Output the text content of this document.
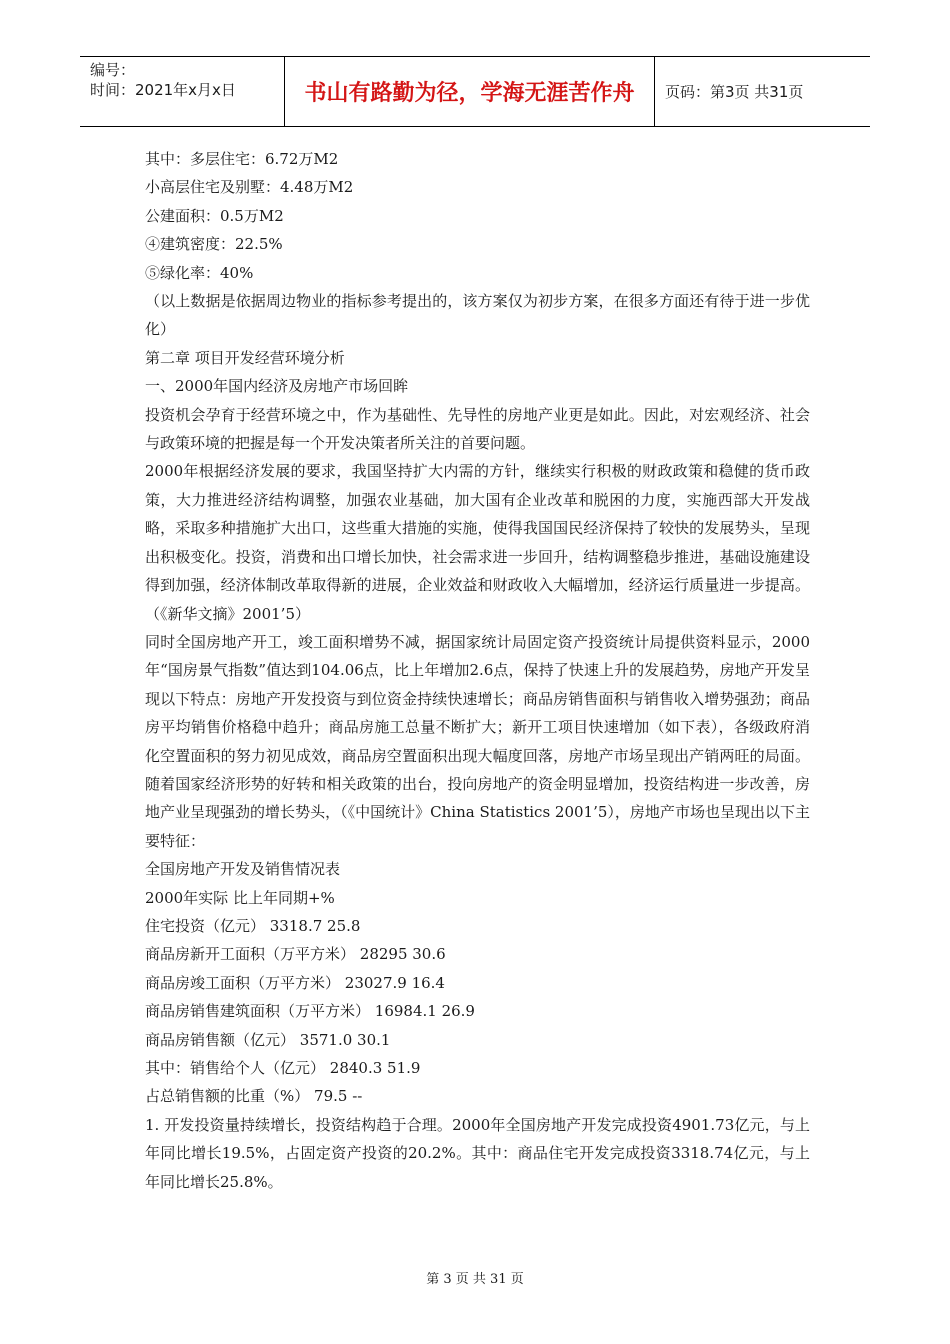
编号：
时间：2021年x月x日	书山有路勤为径，学海无涯苦作舟	页码：第3页 共31页

其中：多层住宅：6.72万M2

小高层住宅及别墅：4.48万M2

公建面积：0.5万M2

④建筑密度：22.5%

⑤绿化率：40%

（以上数据是依据周边物业的指标参考提出的，该方案仅为初步方案，在很多方面还有待于进一步优化）

第二章 项目开发经营环境分析

一、2000年国内经济及房地产市场回眸

投资机会孕育于经营环境之中，作为基础性、先导性的房地产业更是如此。因此，对宏观经济、社会与政策环境的把握是每一个开发决策者所关注的首要问题。

2000年根据经济发展的要求，我国坚持扩大内需的方针，继续实行积极的财政政策和稳健的货币政策，大力推进经济结构调整，加强农业基础，加大国有企业改革和脱困的力度，实施西部大开发战略，采取多种措施扩大出口，这些重大措施的实施，使得我国国民经济保持了较快的发展势头，呈现出积极变化。投资，消费和出口增长加快，社会需求进一步回升，结构调整稳步推进，基础设施建设得到加强，经济体制改革取得新的进展，企业效益和财政收入大幅增加，经济运行质量进一步提高。（《新华文摘》2001’5）

同时全国房地产开工，竣工面积增势不减，据国家统计局固定资产投资统计局提供资料显示，2000年“国房景气指数”值达到104.06点，比上年增加2.6点，保持了快速上升的发展趋势，房地产开发呈现以下特点：房地产开发投资与到位资金持续快速增长；商品房销售面积与销售收入增势强劲；商品房平均销售价格稳中趋升；商品房施工总量不断扩大；新开工项目快速增加（如下表），各级政府消化空置面积的努力初见成效，商品房空置面积出现大幅度回落，房地产市场呈现出产销两旺的局面。随着国家经济形势的好转和相关政策的出台，投向房地产的资金明显增加，投资结构进一步改善，房地产业呈现强劲的增长势头，（《中国统计》China Statistics 2001’5），房地产市场也呈现出以下主要特征：

全国房地产开发及销售情况表

2000年实际 比上年同期+%

住宅投资（亿元） 3318.7 25.8

商品房新开工面积（万平方米） 28295 30.6

商品房竣工面积（万平方米） 23027.9 16.4

商品房销售建筑面积（万平方米） 16984.1 26.9

商品房销售额（亿元） 3571.0 30.1

其中：销售给个人（亿元） 2840.3 51.9

占总销售额的比重（%） 79.5 --

1. 开发投资量持续增长，投资结构趋于合理。2000年全国房地产开发完成投资4901.73亿元，与上年同比增长19.5%，占固定资产投资的20.2%。其中：商品住宅开发完成投资3318.74亿元，与上年同比增长25.8%。

第 3 页 共 31 页
